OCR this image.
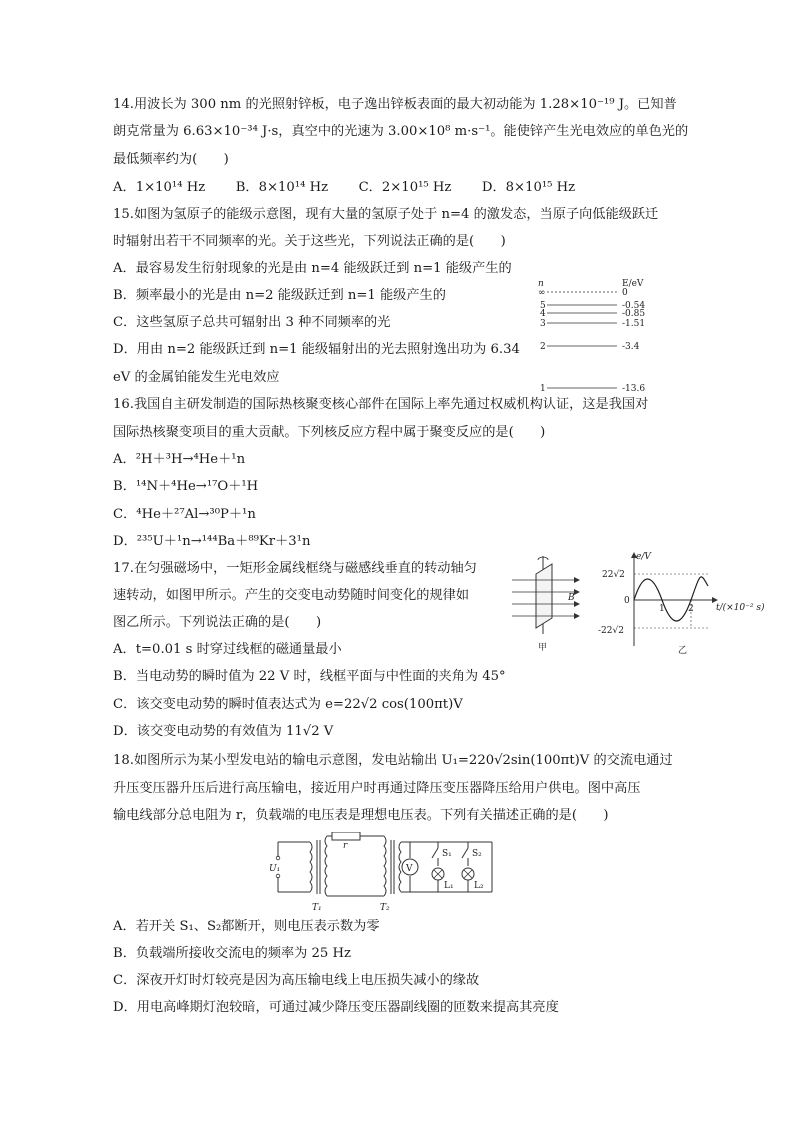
14.用波长为 300 nm 的光照射锌板，电子逸出锌板表面的最大初动能为 1.28×10⁻¹⁹ J。已知普
朗克常量为 6.63×10⁻³⁴ J·s，真空中的光速为 3.00×10⁸ m·s⁻¹。能使锌产生光电效应的单色光的
最低频率约为(　　)
A．1×10¹⁴ Hz　　 B．8×10¹⁴ Hz　　 C．2×10¹⁵ Hz　　 D．8×10¹⁵ Hz
15.如图为氢原子的能级示意图，现有大量的氢原子处于 n=4 的激发态，当原子向低能级跃迁
时辐射出若干不同频率的光。关于这些光，下列说法正确的是(　　)
A．最容易发生衍射现象的光是由 n=4 能级跃迁到 n=1 能级产生的
B．频率最小的光是由 n=2 能级跃迁到 n=1 能级产生的
C．这些氢原子总共可辐射出 3 种不同频率的光
D．用由 n=2 能级跃迁到 n=1 能级辐射出的光去照射逸出功为 6.34
eV 的金属铂能发生光电效应
n	E/eV
∞	0
5	-0.54
4	-0.85
3	-1.51
2	-3.4
1	-13.6
16.我国自主研发制造的国际热核聚变核心部件在国际上率先通过权威机构认证，这是我国对
国际热核聚变项目的重大贡献。下列核反应方程中属于聚变反应的是(　　)
A．²H＋³H→⁴He＋¹n
B．¹⁴N＋⁴He→¹⁷O＋¹H
C．⁴He＋²⁷Al→³⁰P＋¹n
D．²³⁵U＋¹n→¹⁴⁴Ba＋⁸⁹Kr＋3¹n
17.在匀强磁场中，一矩形金属线框绕与磁感线垂直的转动轴匀
速转动，如图甲所示。产生的交变电动势随时间变化的规律如
图乙所示。下列说法正确的是(　　)
A．t=0.01 s 时穿过线框的磁通量最小
B．当电动势的瞬时值为 22 V 时，线框平面与中性面的夹角为 45°
C．该交变电动势的瞬时值表达式为 e=22√2 cos(100πt)V
D．该交变电动势的有效值为 11√2 V
B
甲
e/V
22√2
0
-22√2
1	2 t/(×10⁻² s)
乙
18.如图所示为某小型发电站的输电示意图，发电站输出 U₁=220√2sin(100πt)V 的交流电通过
升压变压器升压后进行高压输电，接近用户时再通过降压变压器降压给用户供电。图中高压
输电线部分总电阻为 r，负载端的电压表是理想电压表。下列有关描述正确的是(　　)
U₁
T₁
r
T₂
V
S₁
L₁
S₂
L₂
A．若开关 S₁、S₂都断开，则电压表示数为零
B．负载端所接收交流电的频率为 25 Hz
C．深夜开灯时灯较亮是因为高压输电线上电压损失减小的缘故
D．用电高峰期灯泡较暗，可通过减少降压变压器副线圈的匝数来提高其亮度
